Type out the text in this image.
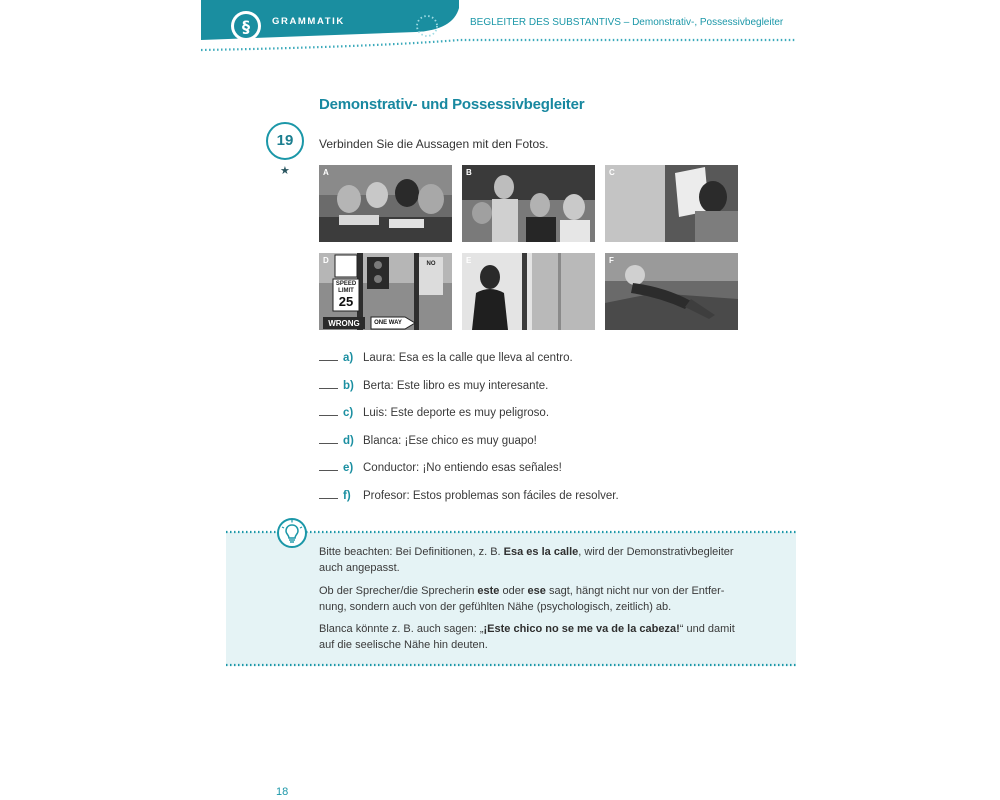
§ GRAMMATIK	BEGLEITER DES SUBSTANTIVS – Demonstrativ-, Possessivbegleiter
Demonstrativ- und Possessivbegleiter
19
★
Verbinden Sie die Aussagen mit den Fotos.
A	B	C
SPEED
LIMIT
25
WRONG	ONE WAY
NO
D	E	F
a) Laura: Esa es la calle que lleva al centro.
b) Berta: Este libro es muy interesante.
c) Luis: Este deporte es muy peligroso.
d) Blanca: ¡Ese chico es muy guapo!
e) Conductor: ¡No entiendo esas señales!
f) Profesor: Estos problemas son fáciles de resolver.
Bitte beachten: Bei Definitionen, z. B. Esa es la calle, wird der Demonstrativbegleiter
auch angepasst.
Ob der Sprecher/die Sprecherin este oder ese sagt, hängt nicht nur von der Entfer-
nung, sondern auch von der gefühlten Nähe (psychologisch, zeitlich) ab.
Blanca könnte z. B. auch sagen: „¡Este chico no se me va de la cabeza!“ und damit
auf die seelische Nähe hin deuten.
18
